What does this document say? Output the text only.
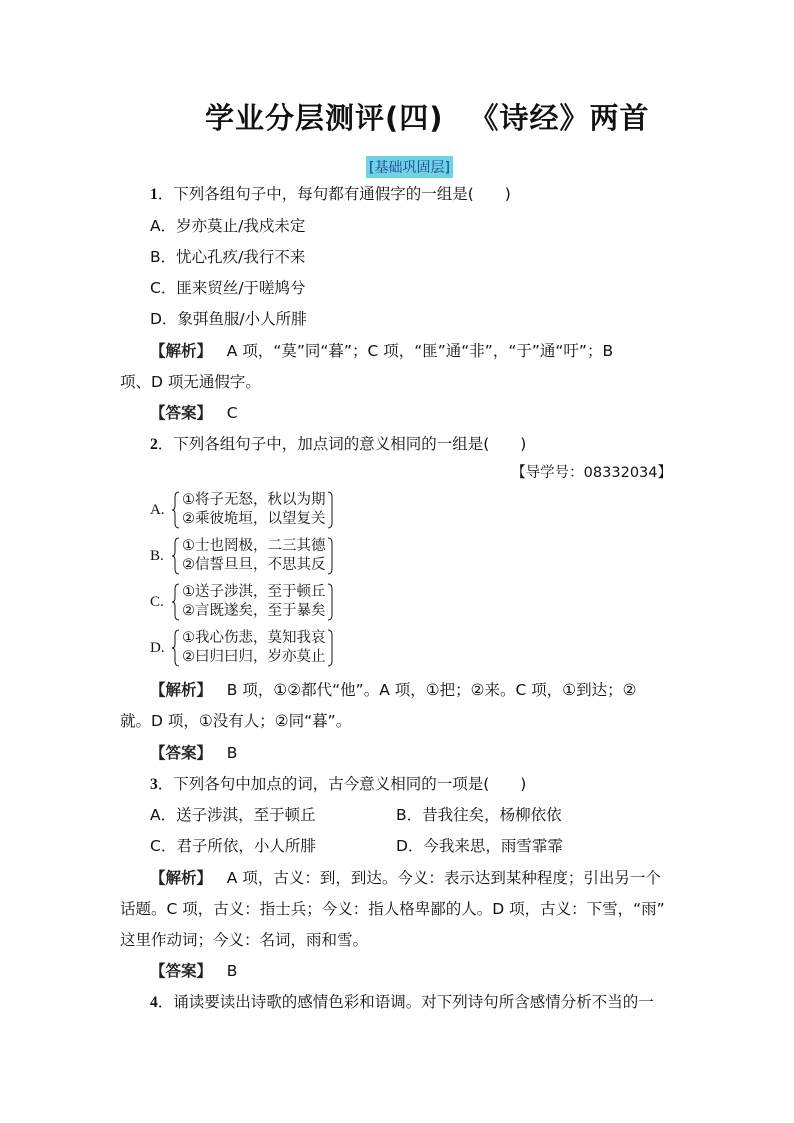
学业分层测评(四) 《诗经》两首
[基础巩固层]
1．下列各组句子中，每句都有通假字的一组是(　　)
A．岁亦莫止/我戍未定
B．忧心孔疚/我行不来
C．匪来贸丝/于嗟鸠兮
D．象弭鱼服/小人所腓
【解析】 A 项，“莫”同“暮”；C 项，“匪”通“非”，“于”通“吁”；B
项、D 项无通假字。
【答案】 C
2．下列各组句子中，加点词的意义相同的一组是(　　)
【导学号：08332034】
A.
①将子无怒，秋以为期
②乘彼垝垣，以望复关
B.
①士也罔极，二三其德
②信誓旦旦，不思其反
C.
①送子涉淇，至于顿丘
②言既遂矣，至于暴矣
D.
①我心伤悲，莫知我哀
②曰归曰归，岁亦莫止
【解析】 B 项，①②都代“他”。A 项，①把；②来。C 项，①到达；②
就。D 项，①没有人；②同“暮”。
【答案】 B
3．下列各句中加点的词，古今意义相同的一项是(　　)
A．送子涉淇，至于顿丘	B．昔我往矣，杨柳依依
C．君子所依，小人所腓	D．今我来思，雨雪霏霏
【解析】 A 项，古义：到，到达。今义：表示达到某种程度；引出另一个
话题。C 项，古义：指士兵；今义：指人格卑鄙的人。D 项，古义：下雪，“雨”
这里作动词；今义：名词，雨和雪。
【答案】 B
4．诵读要读出诗歌的感情色彩和语调。对下列诗句所含感情分析不当的一
